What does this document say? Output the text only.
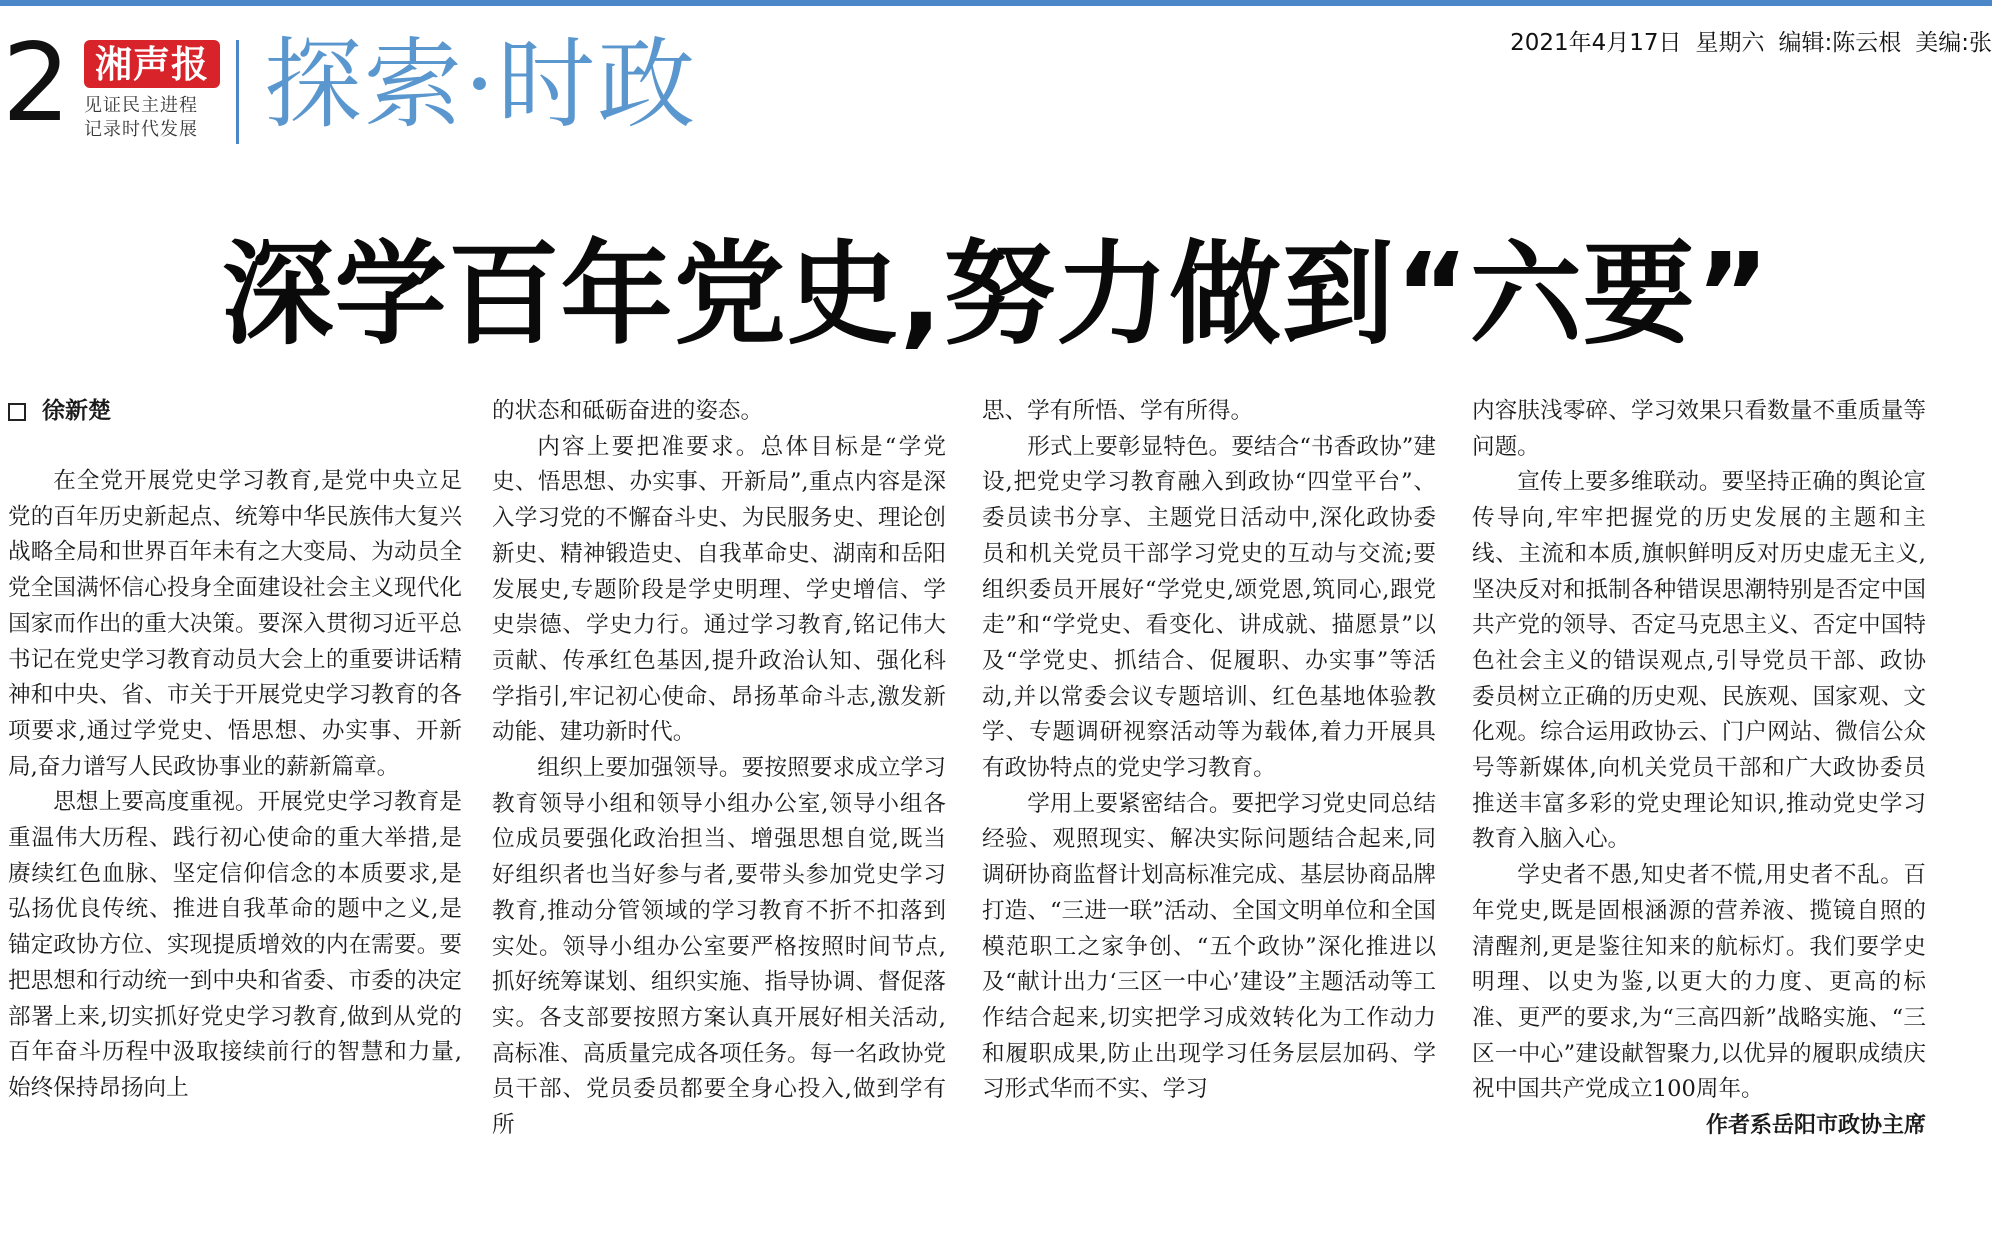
2 湘声报
见证民主进程
记录时代发展 探索·时政	2021年4月17日 星期六 编辑:陈云根 美编:张
深学百年党史,努力做到“六要”
徐新楚

在全党开展党史学习教育,是党中央立足党的百年历史新起点、统筹中华民族伟大复兴战略全局和世界百年未有之大变局、为动员全党全国满怀信心投身全面建设社会主义现代化国家而作出的重大决策。要深入贯彻习近平总书记在党史学习教育动员大会上的重要讲话精神和中央、省、市关于开展党史学习教育的各项要求,通过学党史、悟思想、办实事、开新局,奋力谱写人民政协事业的薪新篇章。

思想上要高度重视。开展党史学习教育是重温伟大历程、践行初心使命的重大举措,是赓续红色血脉、坚定信仰信念的本质要求,是弘扬优良传统、推进自我革命的题中之义,是锚定政协方位、实现提质增效的内在需要。要把思想和行动统一到中央和省委、市委的决定部署上来,切实抓好党史学习教育,做到从党的百年奋斗历程中汲取接续前行的智慧和力量,始终保持昂扬向上

的状态和砥砺奋进的姿态。

内容上要把准要求。总体目标是“学党史、悟思想、办实事、开新局”,重点内容是深入学习党的不懈奋斗史、为民服务史、理论创新史、精神锻造史、自我革命史、湖南和岳阳发展史,专题阶段是学史明理、学史增信、学史崇德、学史力行。通过学习教育,铭记伟大贡献、传承红色基因,提升政治认知、强化科学指引,牢记初心使命、昂扬革命斗志,激发新动能、建功新时代。

组织上要加强领导。要按照要求成立学习教育领导小组和领导小组办公室,领导小组各位成员要强化政治担当、增强思想自觉,既当好组织者也当好参与者,要带头参加党史学习教育,推动分管领域的学习教育不折不扣落到实处。领导小组办公室要严格按照时间节点,抓好统筹谋划、组织实施、指导协调、督促落实。各支部要按照方案认真开展好相关活动,高标准、高质量完成各项任务。每一名政协党员干部、党员委员都要全身心投入,做到学有所

思、学有所悟、学有所得。

形式上要彰显特色。要结合“书香政协”建设,把党史学习教育融入到政协“四堂平台”、委员读书分享、主题党日活动中,深化政协委员和机关党员干部学习党史的互动与交流;要组织委员开展好“学党史,颂党恩,筑同心,跟党走”和“学党史、看变化、讲成就、描愿景”以及“学党史、抓结合、促履职、办实事”等活动,并以常委会议专题培训、红色基地体验教学、专题调研视察活动等为载体,着力开展具有政协特点的党史学习教育。

学用上要紧密结合。要把学习党史同总结经验、观照现实、解决实际问题结合起来,同调研协商监督计划高标准完成、基层协商品牌打造、“三进一联”活动、全国文明单位和全国模范职工之家争创、“五个政协”深化推进以及“献计出力‘三区一中心’建设”主题活动等工作结合起来,切实把学习成效转化为工作动力和履职成果,防止出现学习任务层层加码、学习形式华而不实、学习

内容肤浅零碎、学习效果只看数量不重质量等问题。

宣传上要多维联动。要坚持正确的舆论宣传导向,牢牢把握党的历史发展的主题和主线、主流和本质,旗帜鲜明反对历史虚无主义,坚决反对和抵制各种错误思潮特别是否定中国共产党的领导、否定马克思主义、否定中国特色社会主义的错误观点,引导党员干部、政协委员树立正确的历史观、民族观、国家观、文化观。综合运用政协云、门户网站、微信公众号等新媒体,向机关党员干部和广大政协委员推送丰富多彩的党史理论知识,推动党史学习教育入脑入心。

学史者不愚,知史者不慌,用史者不乱。百年党史,既是固根涵源的营养液、揽镜自照的清醒剂,更是鉴往知来的航标灯。我们要学史明理、以史为鉴,以更大的力度、更高的标准、更严的要求,为“三高四新”战略实施、“三区一中心”建设献智聚力,以优异的履职成绩庆祝中国共产党成立100周年。

作者系岳阳市政协主席
